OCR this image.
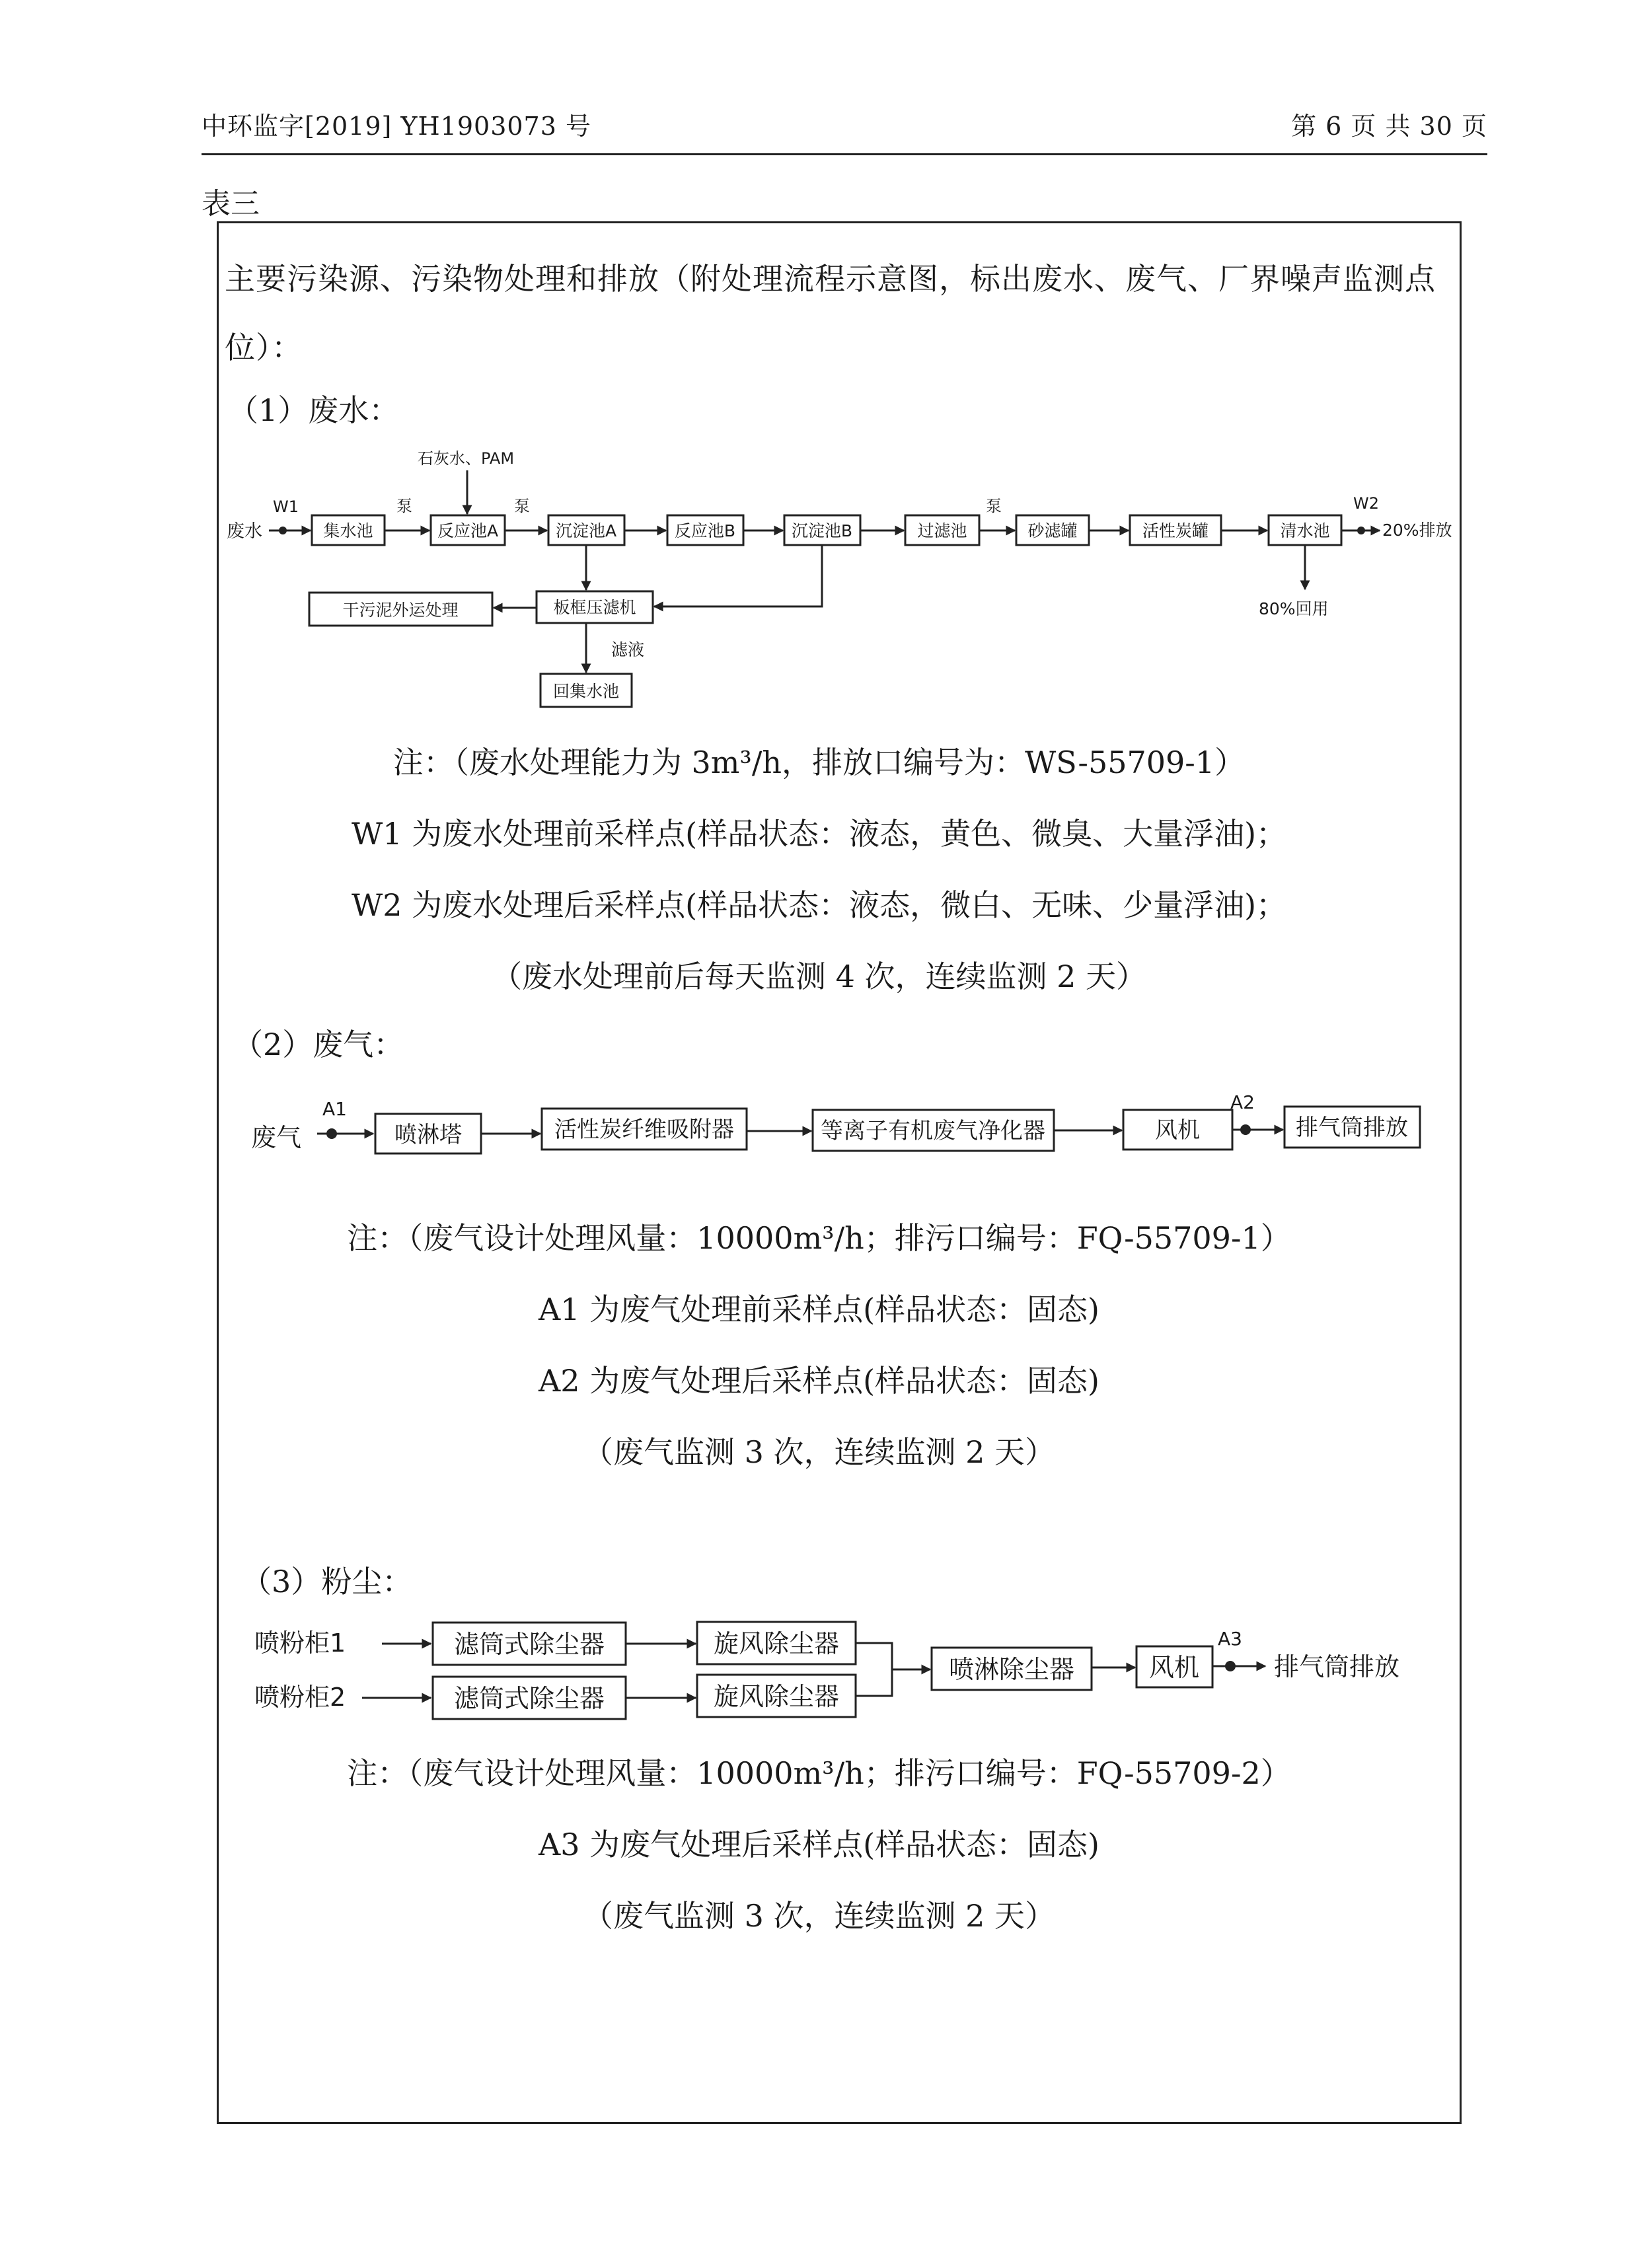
中环监字[2019] YH1903073 号	第 6 页 共 30 页
表三
主要污染源、污染物处理和排放（附处理流程示意图，标出废水、废气、厂界噪声监测点位）：
（1）废水：
废水
W1
集水池
泵
石灰水、PAM
反应池A
泵
沉淀池A	反应池B	沉淀池B	过滤池
泵
砂滤罐	活性炭罐	清水池
W2
20%排放
80%回用
板框压滤机
干污泥外运处理
滤液
回集水池
废气
A1
喷淋塔	活性炭纤维吸附器	等离子有机废气净化器	风机
A2
排气筒排放
喷粉柜1
喷粉柜2
滤筒式除尘器
滤筒式除尘器
旋风除尘器
旋风除尘器
喷淋除尘器	风机
A3
排气筒排放
注：（废水处理能力为 3m³/h，排放口编号为：WS-55709-1）
W1 为废水处理前采样点(样品状态：液态，黄色、微臭、大量浮油)；
W2 为废水处理后采样点(样品状态：液态，微白、无味、少量浮油)；
（废水处理前后每天监测 4 次，连续监测 2 天）
（2）废气：
注：（废气设计处理风量：10000m³/h；排污口编号：FQ-55709-1）
A1 为废气处理前采样点(样品状态：固态)
A2 为废气处理后采样点(样品状态：固态)
（废气监测 3 次，连续监测 2 天）
（3）粉尘：
注：（废气设计处理风量：10000m³/h；排污口编号：FQ-55709-2）
A3 为废气处理后采样点(样品状态：固态)
（废气监测 3 次，连续监测 2 天）
